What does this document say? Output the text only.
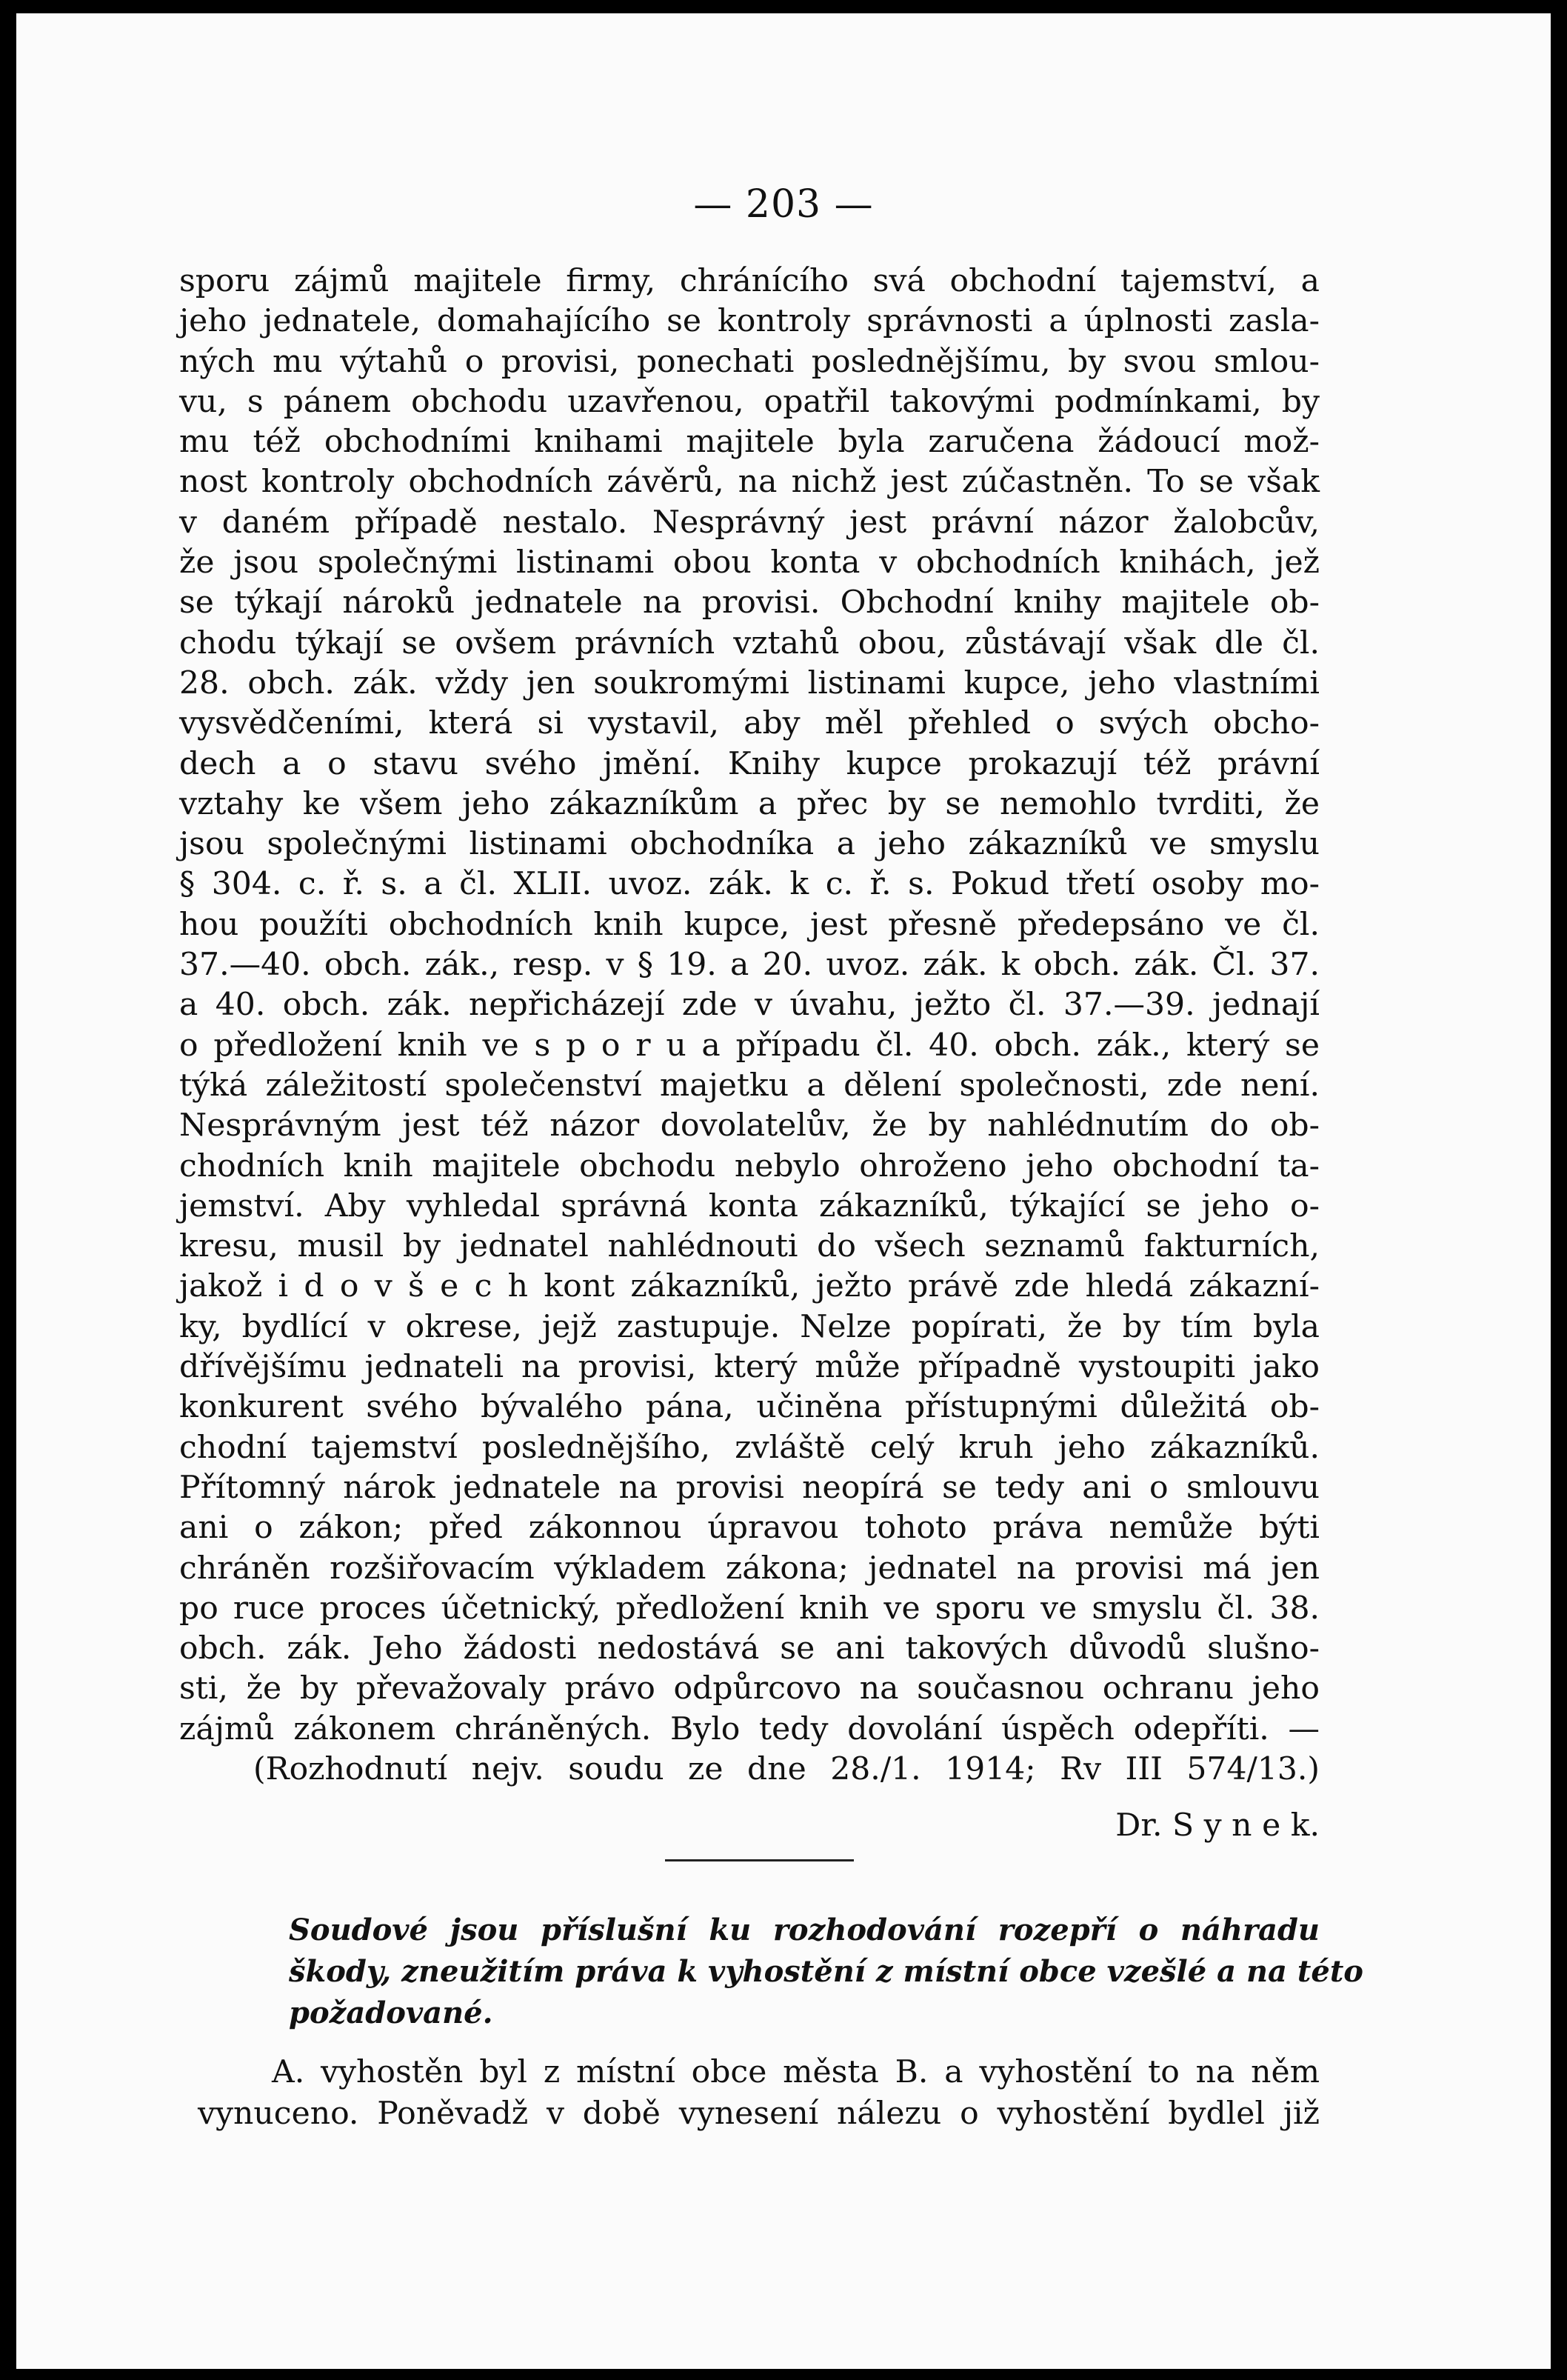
— 203 —
sporu zájmů majitele firmy, chránícího svá obchodní tajemství, a
jeho jednatele, domahajícího se kontroly správnosti a úplnosti zasla-
ných mu výtahů o provisi, ponechati poslednějšímu, by svou smlou-
vu, s pánem obchodu uzavřenou, opatřil takovými podmínkami, by
mu též obchodními knihami majitele byla zaručena žádoucí mož-
nost kontroly obchodních závěrů, na nichž jest zúčastněn. To se však
v daném případě nestalo. Nesprávný jest právní názor žalobcův,
že jsou společnými listinami obou konta v obchodních knihách, jež
se týkají nároků jednatele na provisi. Obchodní knihy majitele ob-
chodu týkají se ovšem právních vztahů obou, zůstávají však dle čl.
28. obch. zák. vždy jen soukromými listinami kupce, jeho vlastními
vysvědčeními, která si vystavil, aby měl přehled o svých obcho-
dech a o stavu svého jmění. Knihy kupce prokazují též právní
vztahy ke všem jeho zákazníkům a přec by se nemohlo tvrditi, že
jsou společnými listinami obchodníka a jeho zákazníků ve smyslu
§ 304. c. ř. s. a čl. XLII. uvoz. zák. k c. ř. s. Pokud třetí osoby mo-
hou použíti obchodních knih kupce, jest přesně předepsáno ve čl.
37.—40. obch. zák., resp. v § 19. a 20. uvoz. zák. k obch. zák. Čl. 37.
a 40. obch. zák. nepřicházejí zde v úvahu, ježto čl. 37.—39. jednají
o předložení knih ve s p o r u a případu čl. 40. obch. zák., který se
týká záležitostí společenství majetku a dělení společnosti, zde není.
Nesprávným jest též názor dovolatelův, že by nahlédnutím do ob-
chodních knih majitele obchodu nebylo ohroženo jeho obchodní ta-
jemství. Aby vyhledal správná konta zákazníků, týkající se jeho o-
kresu, musil by jednatel nahlédnouti do všech seznamů fakturních,
jakož i d o v š e c h kont zákazníků, ježto právě zde hledá zákazní-
ky, bydlící v okrese, jejž zastupuje. Nelze popírati, že by tím byla
dřívějšímu jednateli na provisi, který může případně vystoupiti jako
konkurent svého bývalého pána, učiněna přístupnými důležitá ob-
chodní tajemství poslednějšího, zvláště celý kruh jeho zákazníků.
Přítomný nárok jednatele na provisi neopírá se tedy ani o smlouvu
ani o zákon; před zákonnou úpravou tohoto práva nemůže býti
chráněn rozšiřovacím výkladem zákona; jednatel na provisi má jen
po ruce proces účetnický, předložení knih ve sporu ve smyslu čl. 38.
obch. zák. Jeho žádosti nedostává se ani takových důvodů slušno-
sti, že by převažovaly právo odpůrcovo na současnou ochranu jeho
zájmů zákonem chráněných. Bylo tedy dovolání úspěch odepříti. —
(Rozhodnutí nejv. soudu ze dne 28./1. 1914; Rv III 574/13.)
Dr. S y n e k.
Soudové jsou příslušní ku rozhodování rozepří o náhradu
škody, zneužitím práva k vyhostění z místní obce vzešlé a na této
požadované.
A. vyhostěn byl z místní obce města B. a vyhostění to na něm
vynuceno. Poněvadž v době vynesení nálezu o vyhostění bydlel již
